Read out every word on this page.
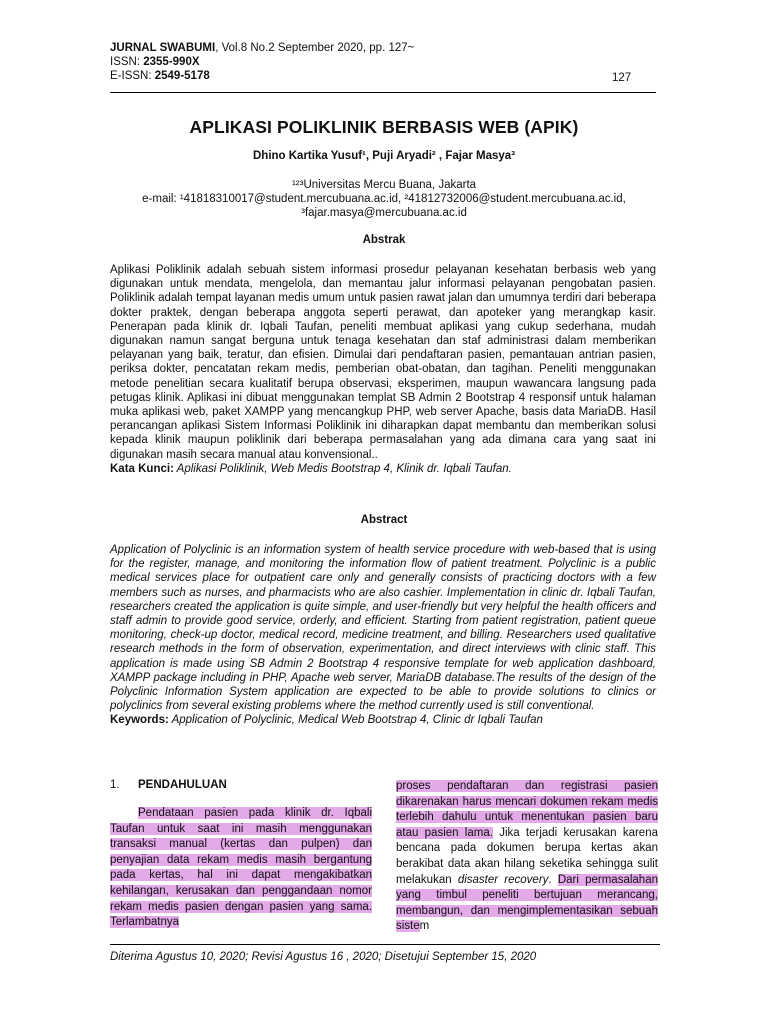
JURNAL SWABUMI, Vol.8 No.2 September 2020, pp. 127~
ISSN: 2355-990X
E-ISSN: 2549-5178	127
APLIKASI POLIKLINIK BERBASIS WEB (APIK)
Dhino Kartika Yusuf¹, Puji Aryadi² , Fajar Masya³
¹²³Universitas Mercu Buana, Jakarta
e-mail: ¹41818310017@student.mercubuana.ac.id, ²41812732006@student.mercubuana.ac.id,
³fajar.masya@mercubuana.ac.id
Abstrak
Aplikasi Poliklinik adalah sebuah sistem informasi prosedur pelayanan kesehatan berbasis web yang digunakan untuk mendata, mengelola, dan memantau jalur informasi pelayanan pengobatan pasien. Poliklinik adalah tempat layanan medis umum untuk pasien rawat jalan dan umumnya terdiri dari beberapa dokter praktek, dengan beberapa anggota seperti perawat, dan apoteker yang merangkap kasir. Penerapan pada klinik dr. Iqbali Taufan, peneliti membuat aplikasi yang cukup sederhana, mudah digunakan namun sangat berguna untuk tenaga kesehatan dan staf administrasi dalam memberikan pelayanan yang baik, teratur, dan efisien. Dimulai dari pendaftaran pasien, pemantauan antrian pasien, periksa dokter, pencatatan rekam medis, pemberian obat-obatan, dan tagihan. Peneliti menggunakan metode penelitian secara kualitatif berupa observasi, eksperimen, maupun wawancara langsung pada petugas klinik. Aplikasi ini dibuat menggunakan templat SB Admin 2 Bootstrap 4 responsif untuk halaman muka aplikasi web, paket XAMPP yang mencangkup PHP, web server Apache, basis data MariaDB. Hasil perancangan aplikasi Sistem Informasi Poliklinik ini diharapkan dapat membantu dan memberikan solusi kepada klinik maupun poliklinik dari beberapa permasalahan yang ada dimana cara yang saat ini digunakan masih secara manual atau konvensional..
Kata Kunci: Aplikasi Poliklinik, Web Medis Bootstrap 4, Klinik dr. Iqbali Taufan.
Abstract
Application of Polyclinic is an information system of health service procedure with web-based that is using for the register, manage, and monitoring the information flow of patient treatment. Polyclinic is a public medical services place for outpatient care only and generally consists of practicing doctors with a few members such as nurses, and pharmacists who are also cashier. Implementation in clinic dr. Iqbali Taufan, researchers created the application is quite simple, and user-friendly but very helpful the health officers and staff admin to provide good service, orderly, and efficient. Starting from patient registration, patient queue monitoring, check-up doctor, medical record, medicine treatment, and billing. Researchers used qualitative research methods in the form of observation, experimentation, and direct interviews with clinic staff. This application is made using SB Admin 2 Bootstrap 4 responsive template for web application dashboard, XAMPP package including in PHP, Apache web server, MariaDB database.The results of the design of the Polyclinic Information System application are expected to be able to provide solutions to clinics or polyclinics from several existing problems where the method currently used is still conventional.
Keywords: Application of Polyclinic, Medical Web Bootstrap 4, Clinic dr Iqbali Taufan
1. PENDAHULUAN
Pendataan pasien pada klinik dr. Iqbali Taufan untuk saat ini masih menggunakan transaksi manual (kertas dan pulpen) dan penyajian data rekam medis masih bergantung pada kertas, hal ini dapat mengakibatkan kehilangan, kerusakan dan penggandaan nomor rekam medis pasien dengan pasien yang sama. Terlambatnya
proses pendaftaran dan registrasi pasien dikarenakan harus mencari dokumen rekam medis terlebih dahulu untuk menentukan pasien baru atau pasien lama. Jika terjadi kerusakan karena bencana pada dokumen berupa kertas akan berakibat data akan hilang seketika sehingga sulit melakukan disaster recovery. Dari permasalahan yang timbul peneliti bertujuan merancang, membangun, dan mengimplementasikan sebuah sistem
Diterima Agustus 10, 2020; Revisi Agustus 16 , 2020; Disetujui September 15, 2020
